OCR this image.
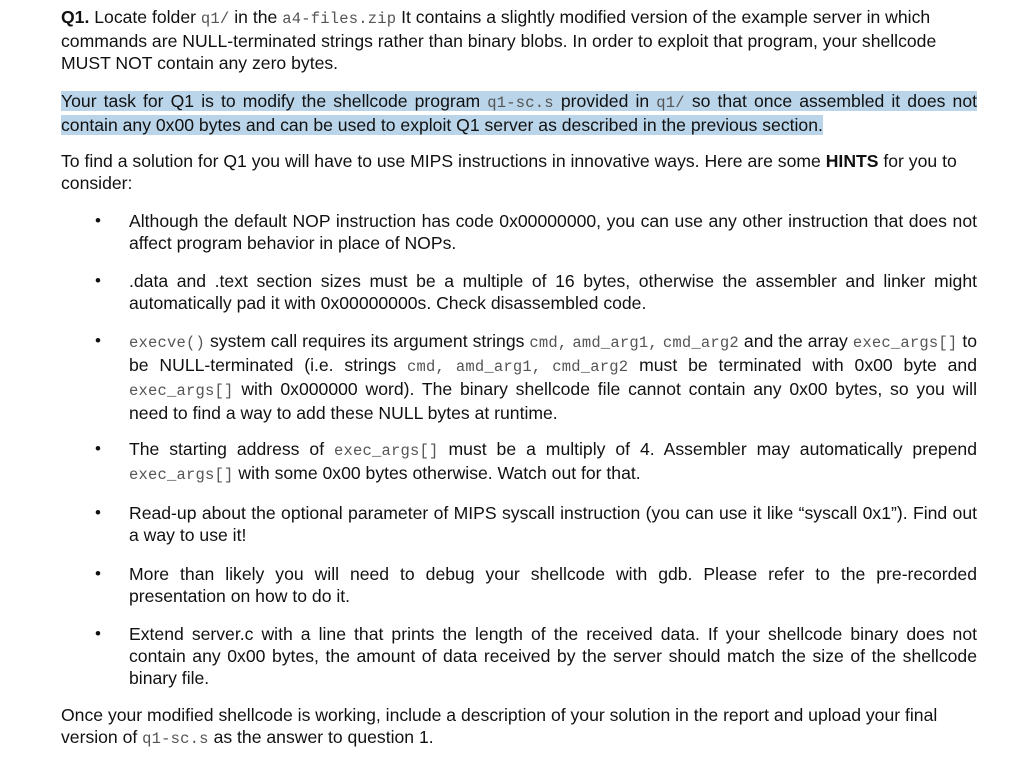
Q1. Locate folder q1/ in the a4-files.zip It contains a slightly modified version of the example server in which commands are NULL-terminated strings rather than binary blobs. In order to exploit that program, your shellcode MUST NOT contain any zero bytes.

Your task for Q1 is to modify the shellcode program q1-sc.s provided in q1/ so that once assembled it does not contain any 0x00 bytes and can be used to exploit Q1 server as described in the previous section.

To find a solution for Q1 you will have to use MIPS instructions in innovative ways. Here are some HINTS for you to consider:

•	Although the default NOP instruction has code 0x00000000, you can use any other instruction that does not affect program behavior in place of NOPs.
•	.data and .text section sizes must be a multiple of 16 bytes, otherwise the assembler and linker might automatically pad it with 0x00000000s. Check disassembled code.
•	execve() system call requires its argument strings cmd, amd_arg1, cmd_arg2 and the array exec_args[] to be NULL-terminated (i.e. strings cmd, amd_arg1, cmd_arg2 must be terminated with 0x00 byte and exec_args[] with 0x000000 word). The binary shellcode file cannot contain any 0x00 bytes, so you will need to find a way to add these NULL bytes at runtime.
•	The starting address of exec_args[] must be a multiply of 4. Assembler may automatically prepend exec_args[] with some 0x00 bytes otherwise. Watch out for that.
•	Read-up about the optional parameter of MIPS syscall instruction (you can use it like “syscall 0x1”). Find out a way to use it!
•	More than likely you will need to debug your shellcode with gdb. Please refer to the pre-recorded presentation on how to do it.
•	Extend server.c with a line that prints the length of the received data. If your shellcode binary does not contain any 0x00 bytes, the amount of data received by the server should match the size of the shellcode binary file.

Once your modified shellcode is working, include a description of your solution in the report and upload your final version of q1-sc.s as the answer to question 1.
